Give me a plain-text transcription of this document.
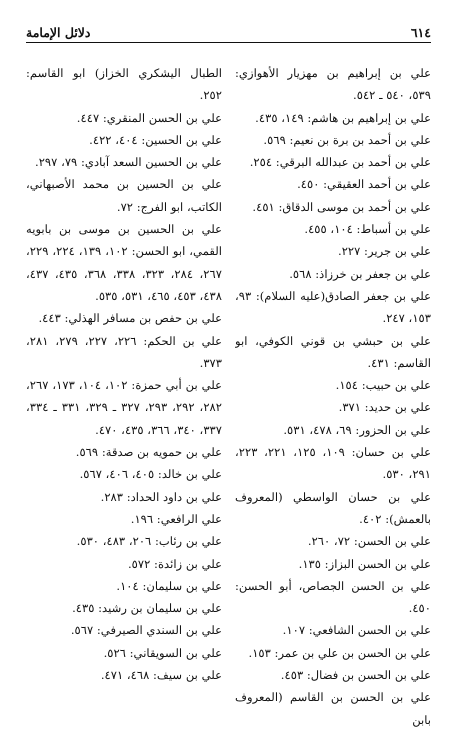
٦١٤
دلائل الإمامة

علي بن إبراهيم بن مهزيار الأهوازي: ٥٣٩، ٥٤٠ ـ ٥٤٢.

علي بن إبراهيم بن هاشم: ١٤٩، ٤٣٥.

علي بن أحمد بن برة بن نعيم: ٥٦٩.

علي بن أحمد بن عبدالله البرقي: ٢٥٤.

علي بن أحمد العقيقي: ٤٥٠.

علي بن أحمد بن موسى الدقاق: ٤٥١.

علي بن أسباط: ١٠٤، ٤٥٥.

علي بن جرير: ٢٢٧.

علي بن جعفر بن خرزاذ: ٥٦٨.

علي بن جعفر الصادق(عليه السلام): ٩٣، ١٥٣، ٢٤٧.

علي بن حبشي بن قوني الكوفي، ابو القاسم: ٤٣١.

علي بن حبيب: ١٥٤.

علي بن حديد: ٣٧١.

علي بن الحزور: ٦٩، ٤٧٨، ٥٣١.

علي بن حسان: ١٠٩، ١٢٥، ٢٢١، ٢٢٣، ٢٩١، ٥٣٠.

علي بن حسان الواسطي (المعروف بالعمش): ٤٠٢.

علي بن الحسن: ٧٢، ٢٦٠.

علي بن الحسن البزاز: ١٣٥.

علي بن الحسن الجصاص، أبو الحسن: ٤٥٠.

علي بن الحسن الشافعي: ١٠٧.

علي بن الحسن بن علي بن عمر: ١٥٣.

علي بن الحسن بن فضال: ٤٥٣.

علي بن الحسن بن القاسم (المعروف بابن

الطبال اليشكري الخزاز) ابو القاسم: ٢٥٢.

علي بن الحسن المنقري: ٤٤٧.

علي بن الحسين: ٤٠٤، ٤٢٢.

علي بن الحسين السعد آبادي: ٧٩، ٢٩٧.

علي بن الحسين بن محمد الأصبهاني، الكاتب، ابو الفرج: ٧٢.

علي بن الحسين بن موسى بن بابويه القمي، ابو الحسن: ١٠٢، ١٣٩، ٢٢٤، ٢٢٩، ٢٦٧، ٢٨٤، ٣٢٣، ٣٣٨، ٣٦٨، ٤٣٥، ٤٣٧، ٤٣٨، ٤٥٣، ٤٦٥، ٥٣١، ٥٣٥.

علي بن حفص بن مسافر الهذلي: ٤٤٣.

علي بن الحكم: ٢٢٦، ٢٢٧، ٢٧٩، ٢٨١، ٣٧٣.

علي بن أبي حمزة: ١٠٢، ١٠٤، ١٧٣، ٢٦٧، ٢٨٢، ٢٩٢، ٢٩٣، ٣٢٧ ـ ٣٢٩، ٣٣١ ـ ٣٣٤، ٣٣٧، ٣٤٠، ٣٦٦، ٤٣٥، ٤٧٠.

علي بن حمويه بن صدقة: ٥٦٩.

علي بن خالد: ٤٠٥، ٤٠٦، ٥٦٧.

علي بن داود الحداد: ٢٨٣.

علي الرافعي: ١٩٦.

علي بن رئاب: ٢٠٦، ٤٨٣، ٥٣٠.

علي بن زائدة: ٥٧٢.

علي بن سليمان: ١٠٤.

علي بن سليمان بن رشيد: ٤٣٥.

علي بن السندي الصيرفي: ٥٦٧.

علي بن السويقاني: ٥٢٦.

علي بن سيف: ٤٦٨، ٤٧١.
